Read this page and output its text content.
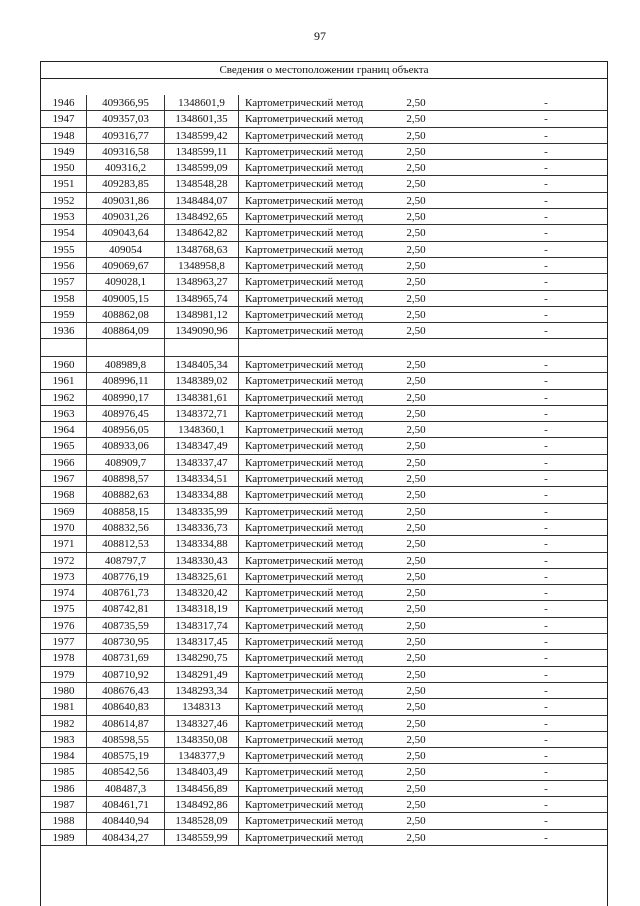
97
Сведения о местоположении границ объекта
1946	409366,95	1348601,9	Картометрический метод	2,50	-
1947	409357,03	1348601,35	Картометрический метод	2,50	-
1948	409316,77	1348599,42	Картометрический метод	2,50	-
1949	409316,58	1348599,11	Картометрический метод	2,50	-
1950	409316,2	1348599,09	Картометрический метод	2,50	-
1951	409283,85	1348548,28	Картометрический метод	2,50	-
1952	409031,86	1348484,07	Картометрический метод	2,50	-
1953	409031,26	1348492,65	Картометрический метод	2,50	-
1954	409043,64	1348642,82	Картометрический метод	2,50	-
1955	409054	1348768,63	Картометрический метод	2,50	-
1956	409069,67	1348958,8	Картометрический метод	2,50	-
1957	409028,1	1348963,27	Картометрический метод	2,50	-
1958	409005,15	1348965,74	Картометрический метод	2,50	-
1959	408862,08	1348981,12	Картометрический метод	2,50	-
1936	408864,09	1349090,96	Картометрический метод	2,50	-
1960	408989,8	1348405,34	Картометрический метод	2,50	-
1961	408996,11	1348389,02	Картометрический метод	2,50	-
1962	408990,17	1348381,61	Картометрический метод	2,50	-
1963	408976,45	1348372,71	Картометрический метод	2,50	-
1964	408956,05	1348360,1	Картометрический метод	2,50	-
1965	408933,06	1348347,49	Картометрический метод	2,50	-
1966	408909,7	1348337,47	Картометрический метод	2,50	-
1967	408898,57	1348334,51	Картометрический метод	2,50	-
1968	408882,63	1348334,88	Картометрический метод	2,50	-
1969	408858,15	1348335,99	Картометрический метод	2,50	-
1970	408832,56	1348336,73	Картометрический метод	2,50	-
1971	408812,53	1348334,88	Картометрический метод	2,50	-
1972	408797,7	1348330,43	Картометрический метод	2,50	-
1973	408776,19	1348325,61	Картометрический метод	2,50	-
1974	408761,73	1348320,42	Картометрический метод	2,50	-
1975	408742,81	1348318,19	Картометрический метод	2,50	-
1976	408735,59	1348317,74	Картометрический метод	2,50	-
1977	408730,95	1348317,45	Картометрический метод	2,50	-
1978	408731,69	1348290,75	Картометрический метод	2,50	-
1979	408710,92	1348291,49	Картометрический метод	2,50	-
1980	408676,43	1348293,34	Картометрический метод	2,50	-
1981	408640,83	1348313	Картометрический метод	2,50	-
1982	408614,87	1348327,46	Картометрический метод	2,50	-
1983	408598,55	1348350,08	Картометрический метод	2,50	-
1984	408575,19	1348377,9	Картометрический метод	2,50	-
1985	408542,56	1348403,49	Картометрический метод	2,50	-
1986	408487,3	1348456,89	Картометрический метод	2,50	-
1987	408461,71	1348492,86	Картометрический метод	2,50	-
1988	408440,94	1348528,09	Картометрический метод	2,50	-
1989	408434,27	1348559,99	Картометрический метод	2,50	-
